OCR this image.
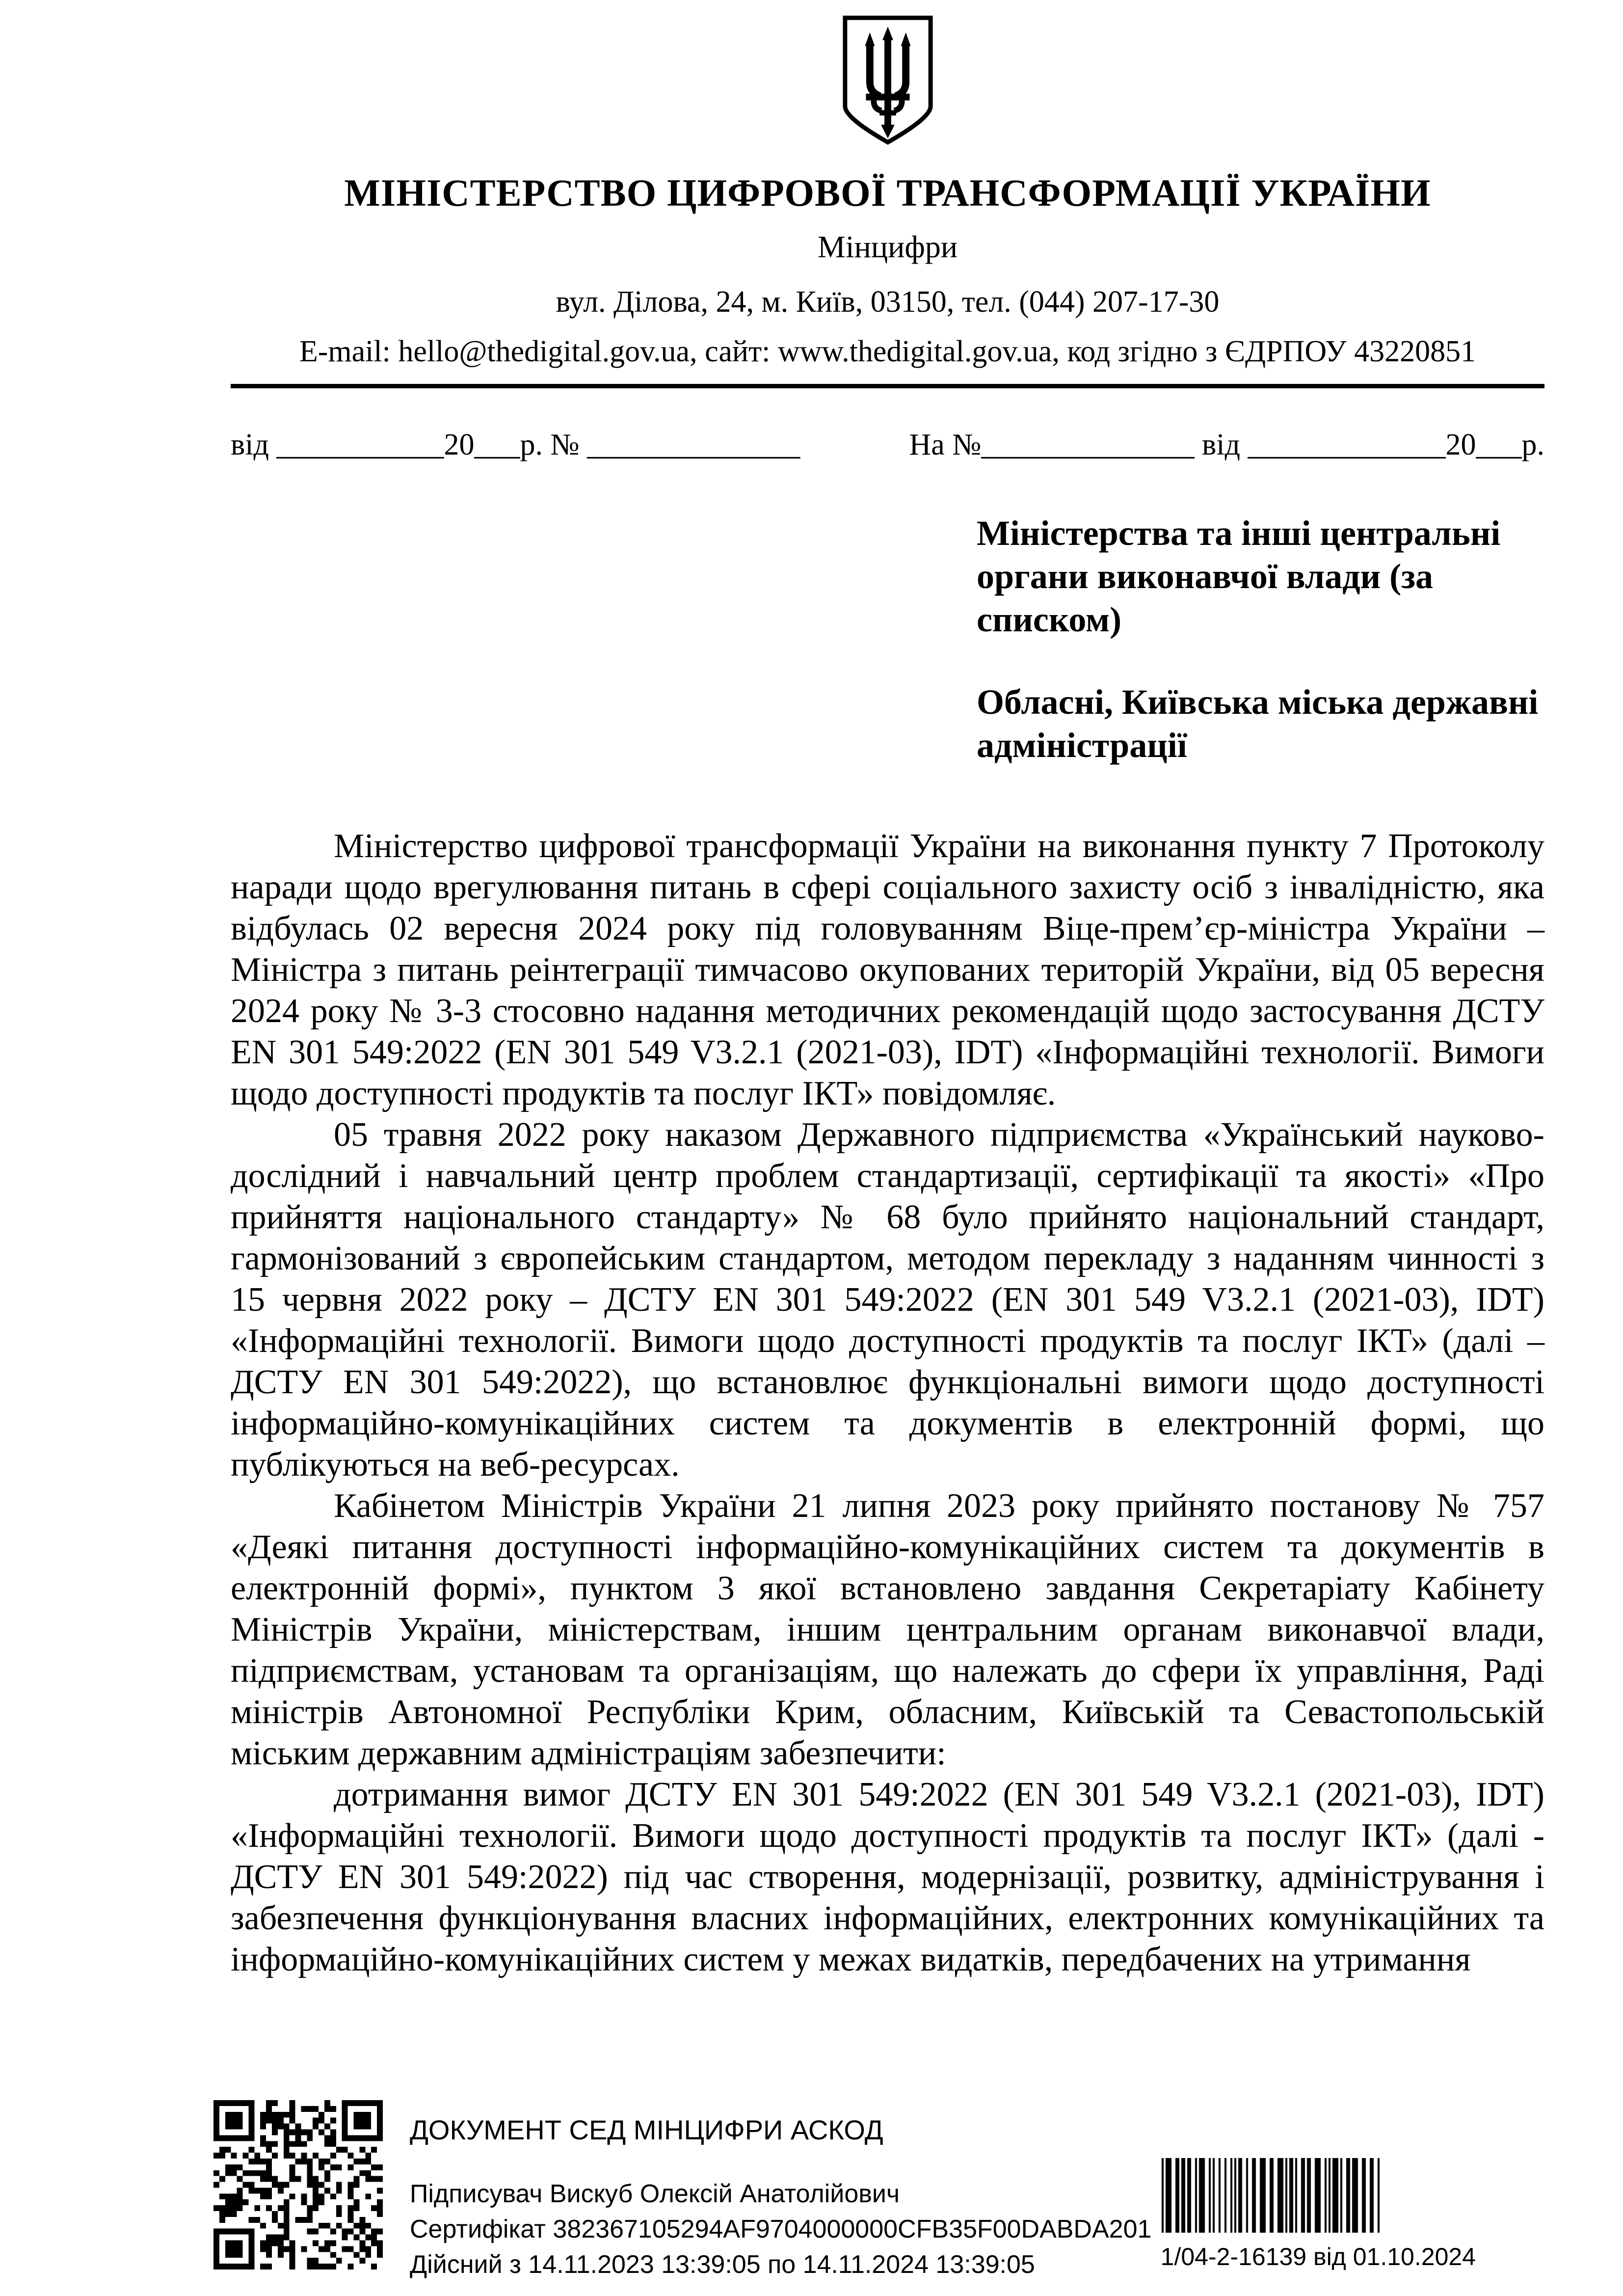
МІНІСТЕРСТВО ЦИФРОВОЇ ТРАНСФОРМАЦІЇ УКРАЇНИ
Мінцифри
вул. Ділова, 24, м. Київ, 03150, тел. (044) 207-17-30
E-mail: hello@thedigital.gov.ua, сайт: www.thedigital.gov.ua, код згідно з ЄДРПОУ 43220851
від ___________20___р. № ______________	На №______________ від _____________20___р.
Міністерства та інші центральні органи виконавчої влади (за списком)
Обласні, Київська міська державні адміністрації

Міністерство цифрової трансформації України на виконання пункту 7 Протоколу наради щодо врегулювання питань в сфері соціального захисту осіб з інвалідністю, яка відбулась 02 вересня 2024 року під головуванням Віце-прем’єр-міністра України – Міністра з питань реінтеграції тимчасово окупованих територій України, від 05 вересня 2024 року № 3-3 стосовно надання методичних рекомендацій щодо застосування ДСТУ EN 301 549:2022 (EN 301 549 V3.2.1 (2021-03), IDT) «Інформаційні технології. Вимоги щодо доступності продуктів та послуг ІКТ» повідомляє.

05 травня 2022 року наказом Державного підприємства «Український науково-дослідний і навчальний центр проблем стандартизації, сертифікації та якості» «Про прийняття національного стандарту» № 68 було прийнято національний стандарт, гармонізований з європейським стандартом, методом перекладу з наданням чинності з 15 червня 2022 року – ДСТУ EN 301 549:2022 (EN 301 549 V3.2.1 (2021-03), IDT) «Інформаційні технології. Вимоги щодо доступності продуктів та послуг ІКТ» (далі – ДСТУ EN 301 549:2022), що встановлює функціональні вимоги щодо доступності інформаційно-комунікаційних систем та документів в електронній формі, що публікуються на веб-ресурсах.

Кабінетом Міністрів України 21 липня 2023 року прийнято постанову № 757 «Деякі питання доступності інформаційно-комунікаційних систем та документів в електронній формі», пунктом 3 якої встановлено завдання Секретаріату Кабінету Міністрів України, міністерствам, іншим центральним органам виконавчої влади, підприємствам, установам та організаціям, що належать до сфери їх управління, Раді міністрів Автономної Республіки Крим, обласним, Київській та Севастопольській міським державним адміністраціям забезпечити:

дотримання вимог ДСТУ EN 301 549:2022 (EN 301 549 V3.2.1 (2021-03), IDT) «Інформаційні технології. Вимоги щодо доступності продуктів та послуг ІКТ» (далі - ДСТУ EN 301 549:2022) під час створення, модернізації, розвитку, адміністрування і забезпечення функціонування власних інформаційних, електронних комунікаційних та інформаційно-комунікаційних систем у межах видатків, передбачених на утримання

ДОКУМЕНТ СЕД МІНЦИФРИ АСКОД
Підписувач Вискуб Олексій Анатолійович
Сертифікат 382367105294AF9704000000CFB35F00DABDA201
Дійсний з 14.11.2023 13:39:05 по 14.11.2024 13:39:05	1/04-2-16139 від 01.10.2024
